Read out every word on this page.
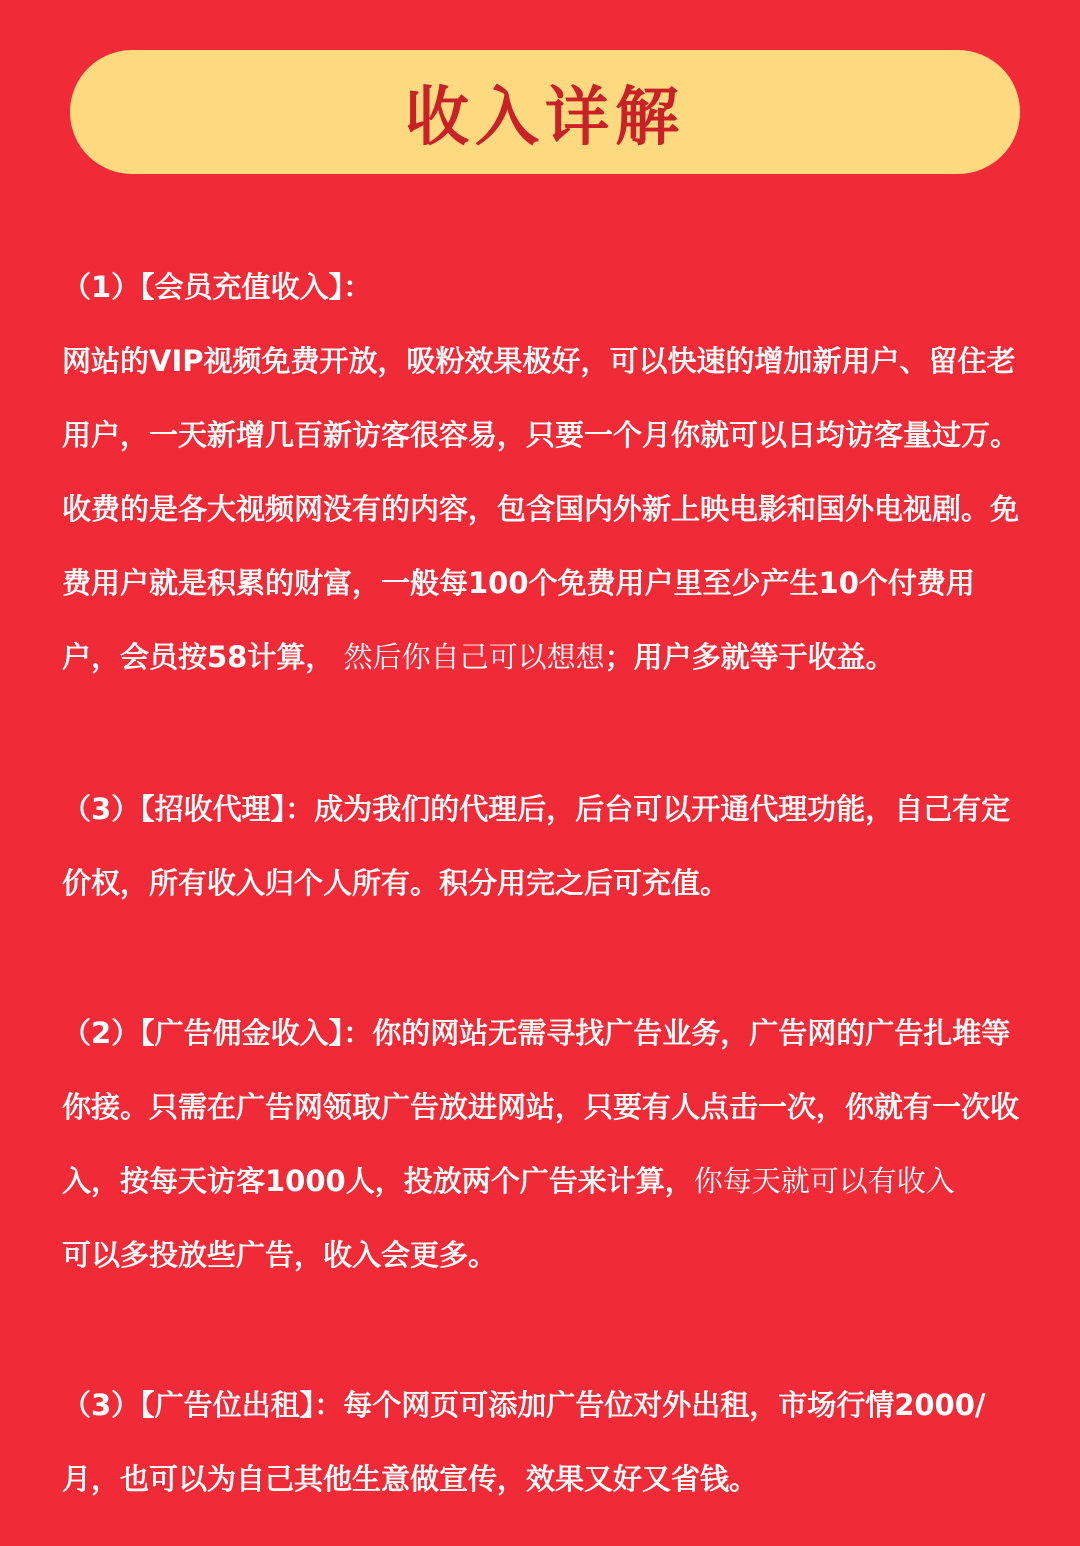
收入详解

（1）【会员充值收入】：

网站的VIP视频免费开放，吸粉效果极好，可以快速的增加新用户、留住老用户，一天新增几百新访客很容易，只要一个月你就可以日均访客量过万。收费的是各大视频网没有的内容，包含国内外新上映电影和国外电视剧。免费用户就是积累的财富，一般每100个免费用户里至少产生10个付费用户，会员按58计算， 然后你自己可以想想；用户多就等于收益。

（3）【招收代理】：成为我们的代理后，后台可以开通代理功能，自己有定价权，所有收入归个人所有。积分用完之后可充值。

（2）【广告佣金收入】：你的网站无需寻找广告业务，广告网的广告扎堆等你接。只需在广告网领取广告放进网站，只要有人点击一次，你就有一次收入，按每天访客1000人，投放两个广告来计算，你每天就可以有收入
可以多投放些广告，收入会更多。

（3）【广告位出租】：每个网页可添加广告位对外出租，市场行情2000/月，也可以为自己其他生意做宣传，效果又好又省钱。
